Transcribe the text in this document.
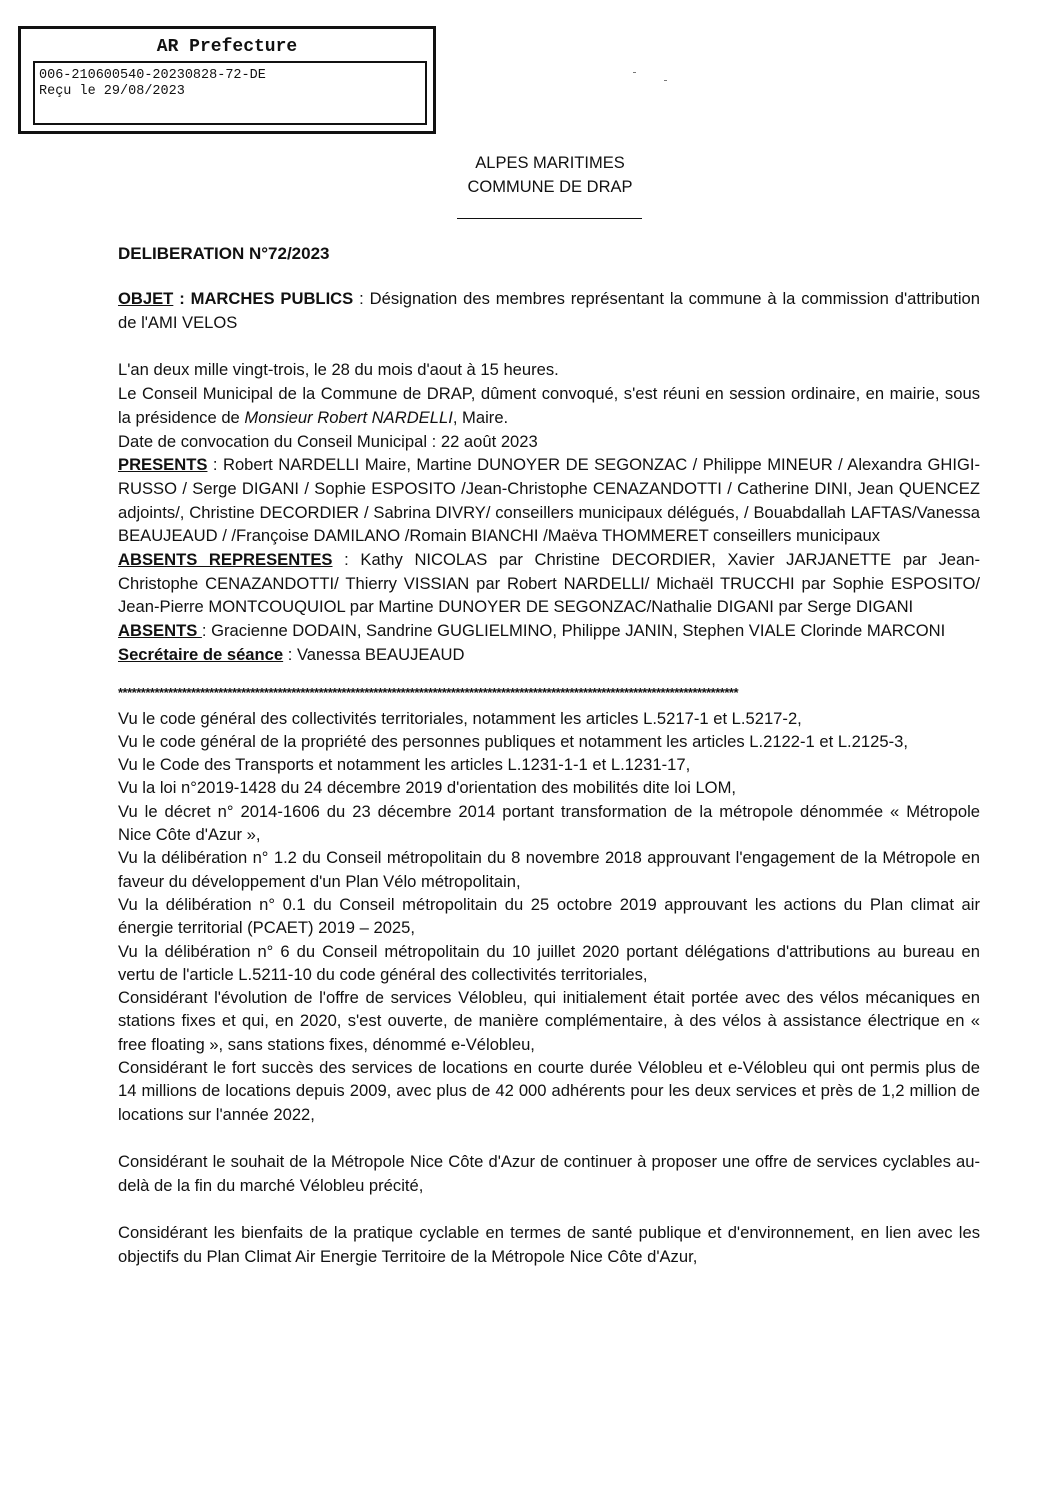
AR Prefecture
006-210600540-20230828-72-DE
Reçu le 29/08/2023
ALPES MARITIMES
COMMUNE DE DRAP
DELIBERATION N°72/2023

OBJET : MARCHES PUBLICS : Désignation des membres représentant la commune à la commission d'attribution de l'AMI VELOS

L'an deux mille vingt-trois, le 28 du mois d'aout à 15 heures.

Le Conseil Municipal de la Commune de DRAP, dûment convoqué, s'est réuni en session ordinaire, en mairie, sous la présidence de Monsieur Robert NARDELLI, Maire.

Date de convocation du Conseil Municipal : 22 août 2023

PRESENTS : Robert NARDELLI Maire, Martine DUNOYER DE SEGONZAC / Philippe MINEUR / Alexandra GHIGI-RUSSO / Serge DIGANI / Sophie ESPOSITO /Jean-Christophe CENAZANDOTTI / Catherine DINI, Jean QUENCEZ adjoints/, Christine DECORDIER / Sabrina DIVRY/ conseillers municipaux délégués, / Bouabdallah LAFTAS/Vanessa BEAUJEAUD / /Françoise DAMILANO /Romain BIANCHI /Maëva THOMMERET conseillers municipaux

ABSENTS REPRESENTES : Kathy NICOLAS par Christine DECORDIER, Xavier JARJANETTE par Jean-Christophe CENAZANDOTTI/ Thierry VISSIAN par Robert NARDELLI/ Michaël TRUCCHI par Sophie ESPOSITO/ Jean-Pierre MONTCOUQUIOL par Martine DUNOYER DE SEGONZAC/Nathalie DIGANI par Serge DIGANI

ABSENTS : Gracienne DODAIN, Sandrine GUGLIELMINO, Philippe JANIN, Stephen VIALE Clorinde MARCONI

Secrétaire de séance : Vanessa BEAUJEAUD

****************************************************************************************************************************************

Vu le code général des collectivités territoriales, notamment les articles L.5217-1 et L.5217-2,

Vu le code général de la propriété des personnes publiques et notamment les articles L.2122-1 et L.2125-3,

Vu le Code des Transports et notamment les articles L.1231-1-1 et L.1231-17,

Vu la loi n°2019-1428 du 24 décembre 2019 d'orientation des mobilités dite loi LOM,

Vu le décret n° 2014-1606 du 23 décembre 2014 portant transformation de la métropole dénommée « Métropole Nice Côte d'Azur »,

Vu la délibération n° 1.2 du Conseil métropolitain du 8 novembre 2018 approuvant l'engagement de la Métropole en faveur du développement d'un Plan Vélo métropolitain,

Vu la délibération n° 0.1 du Conseil métropolitain du 25 octobre 2019 approuvant les actions du Plan climat air énergie territorial (PCAET) 2019 – 2025,

Vu la délibération n° 6 du Conseil métropolitain du 10 juillet 2020 portant délégations d'attributions au bureau en vertu de l'article L.5211-10 du code général des collectivités territoriales,

Considérant l'évolution de l'offre de services Vélobleu, qui initialement était portée avec des vélos mécaniques en stations fixes et qui, en 2020, s'est ouverte, de manière complémentaire, à des vélos à assistance électrique en « free floating », sans stations fixes, dénommé e-Vélobleu,

Considérant le fort succès des services de locations en courte durée Vélobleu et e-Vélobleu qui ont permis plus de 14 millions de locations depuis 2009, avec plus de 42 000 adhérents pour les deux services et près de 1,2 million de locations sur l'année 2022,

Considérant le souhait de la Métropole Nice Côte d'Azur de continuer à proposer une offre de services cyclables au-delà de la fin du marché Vélobleu précité,

Considérant les bienfaits de la pratique cyclable en termes de santé publique et d'environnement, en lien avec les objectifs du Plan Climat Air Energie Territoire de la Métropole Nice Côte d'Azur,
